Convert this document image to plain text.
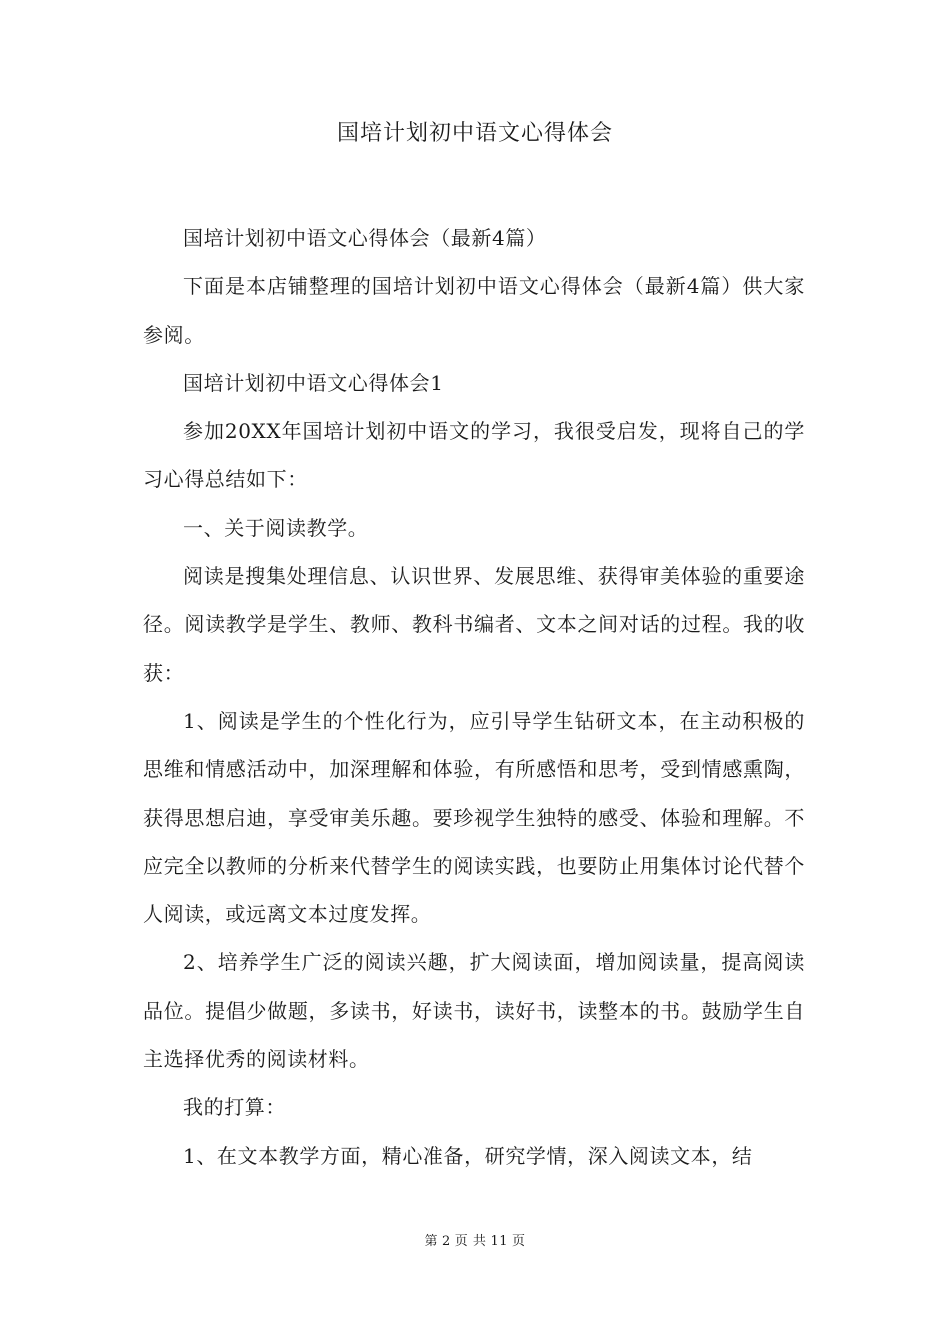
国培计划初中语文心得体会

国培计划初中语文心得体会（最新4篇）

下面是本店铺整理的国培计划初中语文心得体会（最新4篇）供大家参阅。

国培计划初中语文心得体会1

参加20XX年国培计划初中语文的学习，我很受启发，现将自己的学习心得总结如下：

一、关于阅读教学。

阅读是搜集处理信息、认识世界、发展思维、获得审美体验的重要途径。阅读教学是学生、教师、教科书编者、文本之间对话的过程。我的收获：

1、阅读是学生的个性化行为，应引导学生钻研文本，在主动积极的思维和情感活动中，加深理解和体验，有所感悟和思考，受到情感熏陶，获得思想启迪，享受审美乐趣。要珍视学生独特的感受、体验和理解。不应完全以教师的分析来代替学生的阅读实践，也要防止用集体讨论代替个人阅读，或远离文本过度发挥。

2、培养学生广泛的阅读兴趣，扩大阅读面，增加阅读量，提高阅读品位。提倡少做题，多读书，好读书，读好书，读整本的书。鼓励学生自主选择优秀的阅读材料。

我的打算：

1、在文本教学方面，精心准备，研究学情，深入阅读文本，结

第 2 页 共 11 页
